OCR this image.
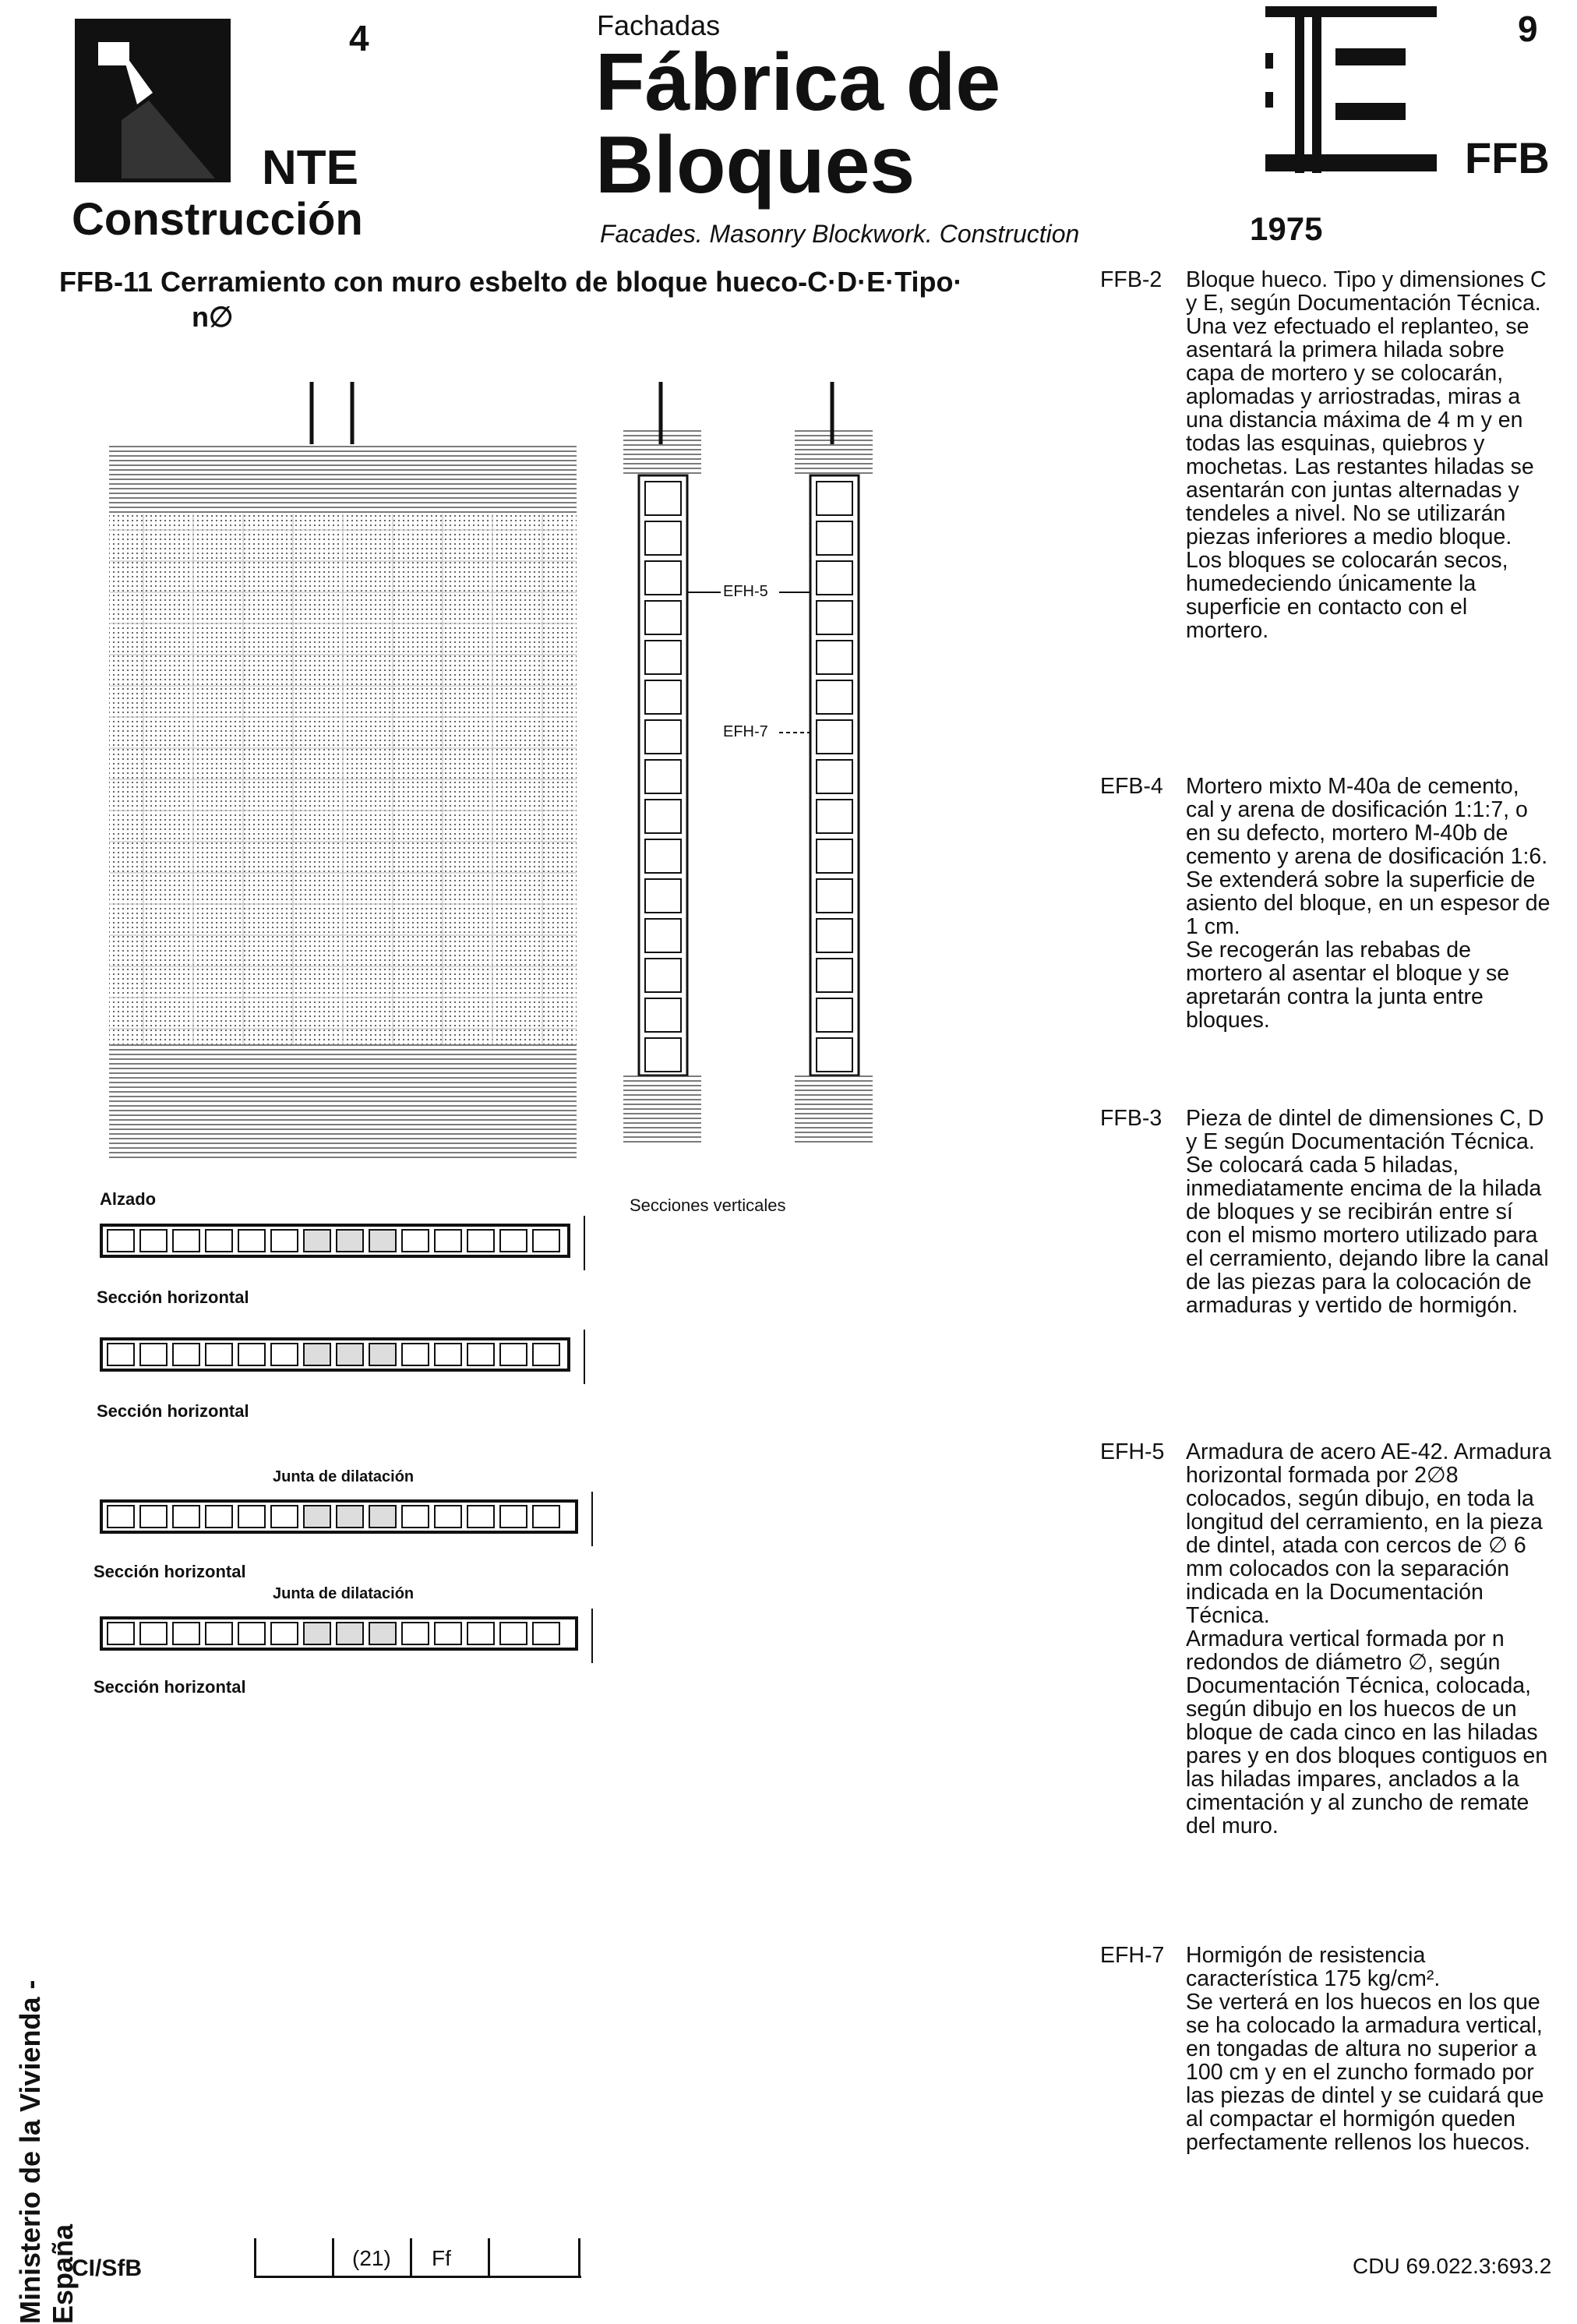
4
NTE
Construcción
Fachadas
Fábrica de
Bloques
Facades. Masonry Blockwork. Construction
9
FFB
1975
FFB-11 Cerramiento con muro esbelto de bloque hueco-C·D·E·Tipo·
n∅
Alzado
EFH-5
EFH-7
Secciones verticales
Sección horizontal
Sección horizontal
Junta de dilatación
Sección horizontal
Junta de dilatación
Sección horizontal
FFB-2 Bloque hueco. Tipo y dimensiones C y E, según Documentación Técnica.

Una vez efectuado el replanteo, se asentará la primera hilada sobre capa de mortero y se colocarán, aplomadas y arriostradas, miras a una distancia máxima de 4 m y en todas las esquinas, quiebros y mochetas. Las restantes hiladas se asentarán con juntas alternadas y tendeles a nivel. No se utilizarán piezas inferiores a medio bloque.

Los bloques se colocarán secos, humedeciendo únicamente la superficie en contacto con el mortero.

EFB-4 Mortero mixto M-40a de cemento, cal y arena de dosificación 1:1:7, o en su defecto, mortero M-40b de cemento y arena de dosificación 1:6.

Se extenderá sobre la superficie de asiento del bloque, en un espesor de 1 cm.

Se recogerán las rebabas de mortero al asentar el bloque y se apretarán contra la junta entre bloques.

FFB-3 Pieza de dintel de dimensiones C, D y E según Documentación Técnica.

Se colocará cada 5 hiladas, inmediatamente encima de la hilada de bloques y se recibirán entre sí con el mismo mortero utilizado para el cerramiento, dejando libre la canal de las piezas para la colocación de armaduras y vertido de hormigón.

EFH-5 Armadura de acero AE-42. Armadura horizontal formada por 2∅8 colocados, según dibujo, en toda la longitud del cerramiento, en la pieza de dintel, atada con cercos de ∅ 6 mm colocados con la separación indicada en la Documentación Técnica.

Armadura vertical formada por n redondos de diámetro ∅, según Documentación Técnica, colocada, según dibujo en los huecos de un bloque de cada cinco en las hiladas pares y en dos bloques contiguos en las hiladas impares, anclados a la cimentación y al zuncho de remate del muro.

EFH-7 Hormigón de resistencia característica 175 kg/cm².

Se verterá en los huecos en los que se ha colocado la armadura vertical, en tongadas de altura no superior a 100 cm y en el zuncho formado por las piezas de dintel y se cuidará que al compactar el hormigón queden perfectamente rellenos los huecos.

Ministerio de la Vivienda - España
CI/SfB	(21) Ff	CDU 69.022.3:693.2
